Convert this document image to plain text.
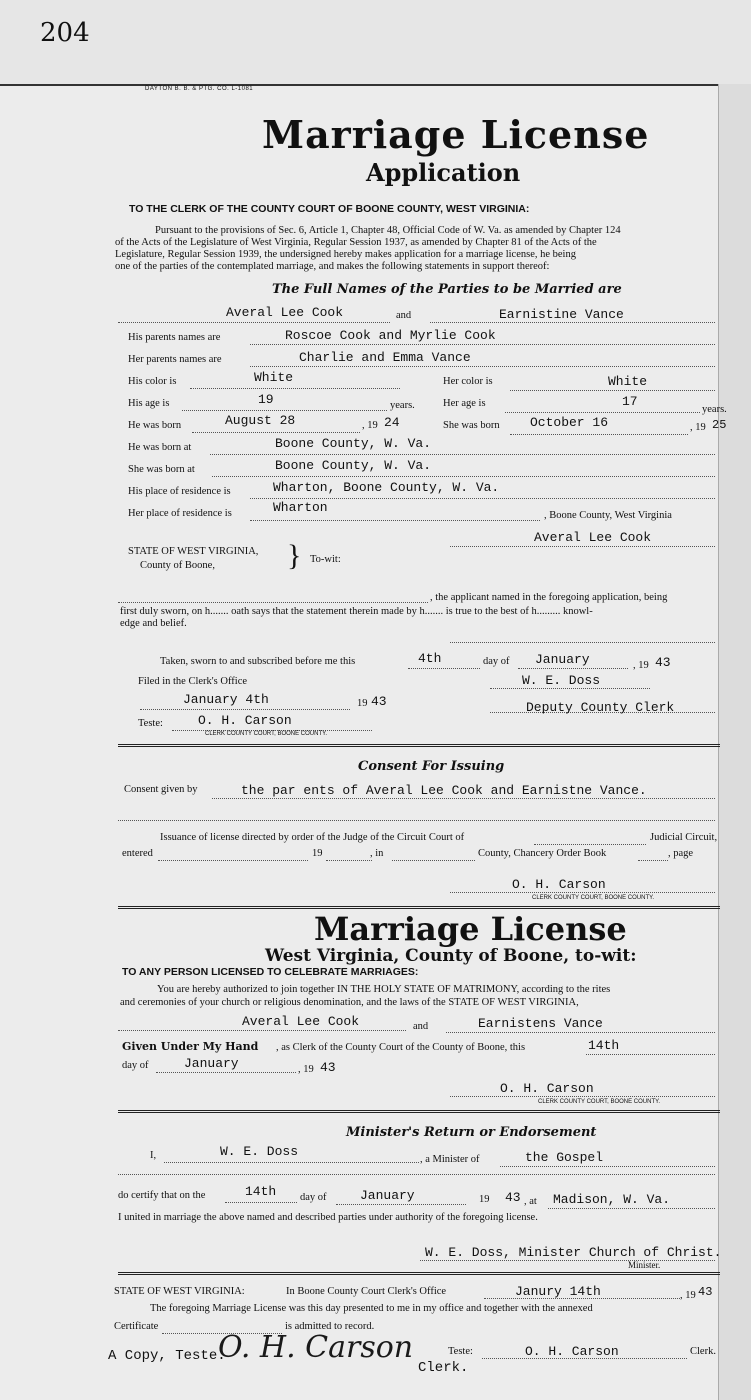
204
DAYTON B. B. & PTG. CO. L-1081
Marriage License
Application
TO THE CLERK OF THE COUNTY COURT OF BOONE COUNTY, WEST VIRGINIA:
Pursuant to the provisions of Sec. 6, Article 1, Chapter 48, Official Code of W. Va. as amended by Chapter 124
of the Acts of the Legislature of West Virginia, Regular Session 1937, as amended by Chapter 81 of the Acts of the
Legislature, Regular Session 1939, the undersigned hereby makes application for a marriage license, he being
one of the parties of the contemplated marriage, and makes the following statements in support thereof:
The Full Names of the Parties to be Married are
Averal Lee Cook	and	Earnistine Vance
His parents names are	Roscoe Cook and Myrlie Cook
Her parents names are	Charlie and Emma Vance
His color is	White	Her color is	White
His age is	19	years.	Her age is	17
years.
He was born	August 28	, 19 24	She was born October 16	, 19 25
He was born at	Boone County, W. Va.
She was born at	Boone County, W. Va.
His place of residence is	Wharton, Boone County, W. Va.
Her place of residence is	Wharton
, Boone County, West Virginia
Averal Lee Cook
STATE OF WEST VIRGINIA,
County of Boone, } To-wit:
, the applicant named in the foregoing application, being
first duly sworn, on h....... oath says that the statement therein made by h....... is true to the best of h......... knowl-
edge and belief.
Taken, sworn to and subscribed before me this	4th	day of January	, 19 43
Filed in the Clerk's Office	W. E. Doss
January 4th	19 43	Deputy County Clerk
Teste:	O. H. Carson
CLERK COUNTY COURT, BOONE COUNTY.
Consent For Issuing
Consent given by	the par ents of Averal Lee Cook and Earnistne Vance.
Issuance of license directed by order of the Judge of the Circuit Court of	Judicial Circuit,
entered	19	, in	County, Chancery Order Book	, page
O. H. Carson
CLERK COUNTY COURT, BOONE COUNTY.
Marriage License
West Virginia, County of Boone, to-wit:
TO ANY PERSON LICENSED TO CELEBRATE MARRIAGES:
You are hereby authorized to join together IN THE HOLY STATE OF MATRIMONY, according to the rites
and ceremonies of your church or religious denomination, and the laws of the STATE OF WEST VIRGINIA,
Averal Lee Cook	and	Earnistens Vance
Given Under My Hand , as Clerk of the County Court of the County of Boone, this	14th
day of	January	, 19 43
O. H. Carson
CLERK COUNTY COURT, BOONE COUNTY.
Minister's Return or Endorsement
I,	W. E. Doss
, a Minister of	the Gospel
do certify that on the	14th day of	January	19 43 , at Madison, W. Va.
I united in marriage the above named and described parties under authority of the foregoing license.
W. E. Doss, Minister Church of Christ.
Minister.
STATE OF WEST VIRGINIA:	In Boone County Court Clerk's Office	Janury 14th	, 19 43
The foregoing Marriage License was this day presented to me in my office and together with the annexed
Certificate	is admitted to record.
A Copy, Teste:
O. H. Carson
Clerk.
Teste:	O. H. Carson	Clerk.
